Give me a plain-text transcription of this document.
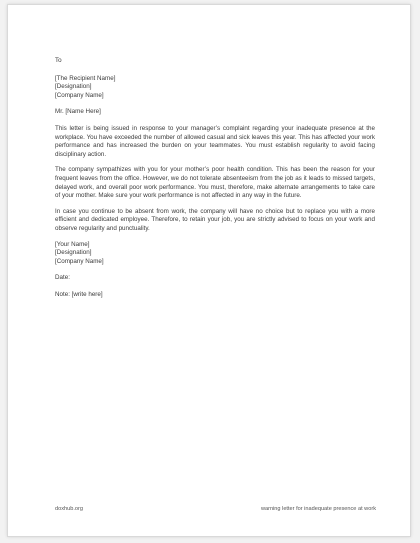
To
[The Recipient Name]
[Designation]
[Company Name]
Mr. [Name Here]

This letter is being issued in response to your manager’s complaint regarding your inadequate presence at the workplace. You have exceeded the number of allowed casual and sick leaves this year. This has affected your work performance and has increased the burden on your teammates. You must establish regularity to avoid facing disciplinary action.

The company sympathizes with you for your mother’s poor health condition. This has been the reason for your frequent leaves from the office. However, we do not tolerate absenteeism from the job as it leads to missed targets, delayed work, and overall poor work performance. You must, therefore, make alternate arrangements to take care of your mother. Make sure your work performance is not affected in any way in the future.

In case you continue to be absent from work, the company will have no choice but to replace you with a more efficient and dedicated employee. Therefore, to retain your job, you are strictly advised to focus on your work and observe regularity and punctuality.

[Your Name]
[Designation]
[Company Name]
Date:
Note: [write here]
doxhub.org	warning letter for inadequate presence at work
